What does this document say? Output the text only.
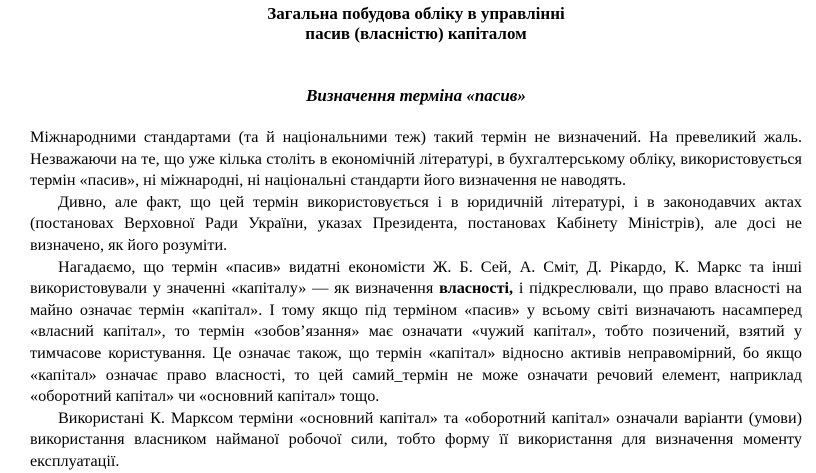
Загальна побудова обліку в управлінні
пасив (власністю) капіталом

Визначення терміна «пасив»

Міжнародними стандартами (та й національними теж) такий термін не визначений. На превеликий жаль. Незважаючи на те, що уже кілька століть в економічній літературі, в бухгалтерському обліку, використовується термін «пасив», ні міжнародні, ні національні стандарти його визначення не наводять.

Дивно, але факт, що цей термін використовується і в юридичній літературі, і в законодавчих актах (постановах Верховної Ради України, указах Президента, постановах Кабінету Міністрів), але досі не визначено, як його розуміти.

Нагадаємо, що термін «пасив» видатні економісти Ж. Б. Сей, А. Сміт, Д. Рікардо, К. Маркс та інші використовували у значенні «капіталу» — як визначення власності, і підкреслювали, що право власності на майно означає термін «капітал». І тому якщо під терміном «пасив» у всьому світі визначають насамперед «власний капітал», то термін «зобов’язання» має означати «чужий капітал», тобто позичений, взятий у тимчасове користування. Це означає також, що термін «капітал» відносно активів неправомірний, бо якщо «капітал» означає право власності, то цей самий_термін не може означати речовий елемент, наприклад «оборотний капітал» чи «основний капітал» тощо.

Використані К. Марксом терміни «основний капітал» та «оборотний капітал» означали варіанти (умови) використання власником найманої робочої сили, тобто форму її використання для визначення моменту експлуатації.
